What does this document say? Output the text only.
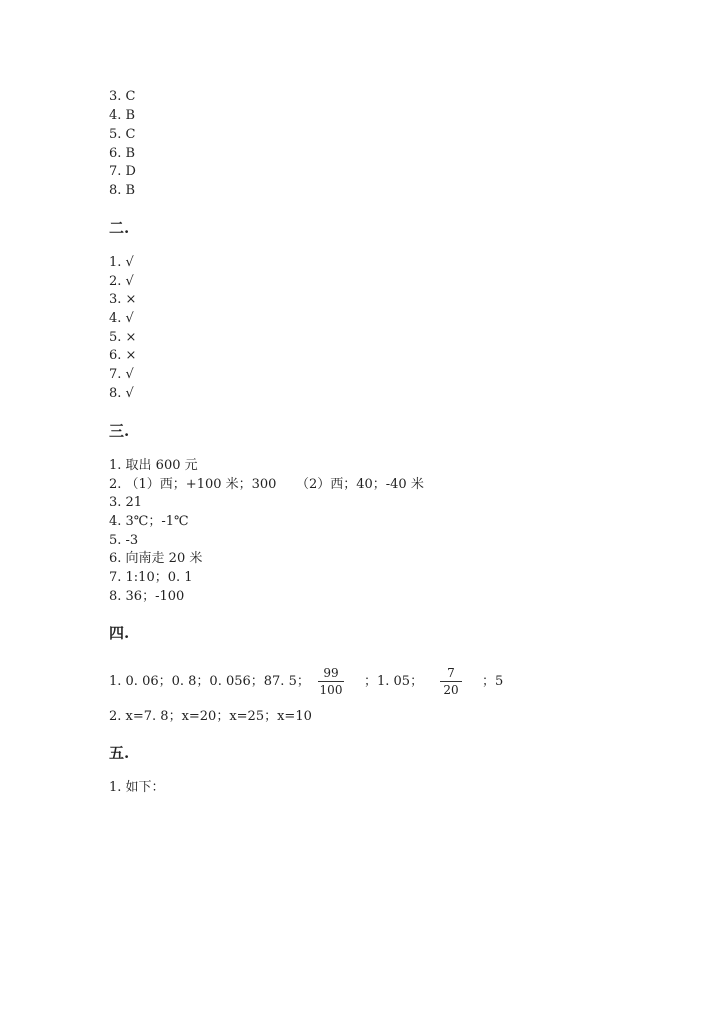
3. C
4. B
5. C
6. B
7. D
8. B
二.
1. √
2. √
3. ×
4. √
5. ×
6. ×
7. √
8. √
三.
1. 取出 600 元
2. （1）西；+100 米；300　　（2）西；40；-40 米
3. 21
4. 3℃；-1℃
5. -3
6. 向南走 20 米
7. 1:10；0. 1
8. 36；-100
四.
1. 0. 06；0. 8；0. 056；87. 5；
99
100
；1. 05；
7
20
；5
2. x=7. 8；x=20；x=25；x=10
五.
1. 如下：
